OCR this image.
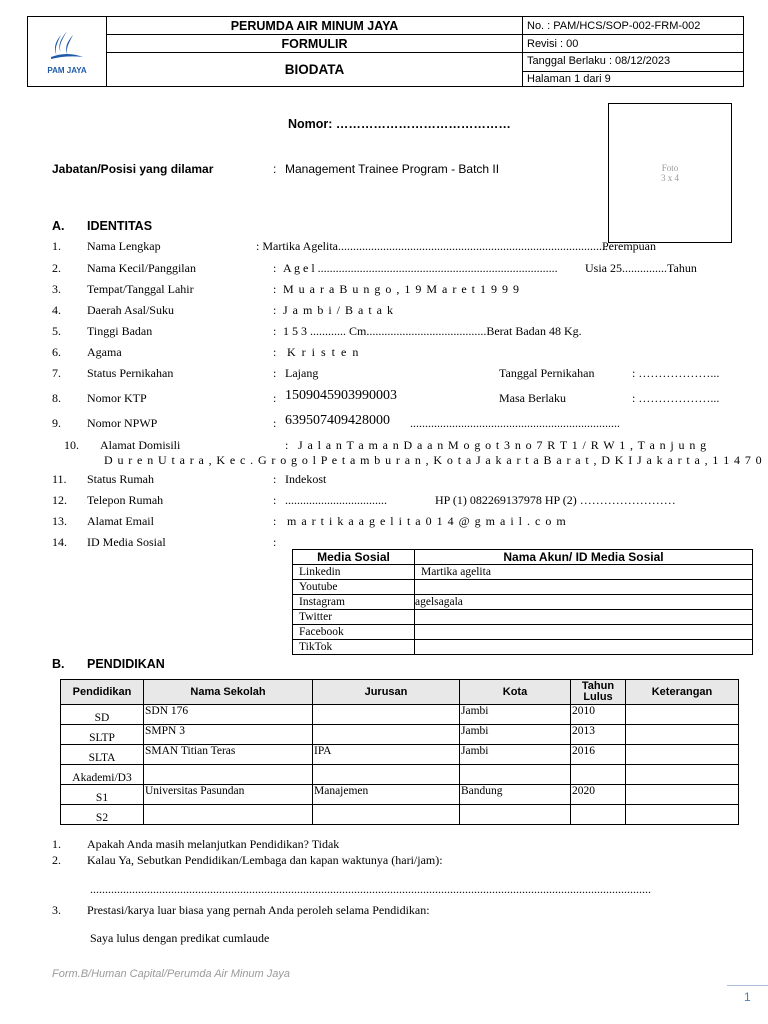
PAM JAYA	PERUMDA AIR MINUM JAYA	No. : PAM/HCS/SOP-002-FRM-002
	FORMULIR	Revisi : 00
	BIODATA	Tanggal Berlaku : 08/12/2023
Halaman 1 dari 9
Nomor: ……………………………………
Foto
3 x 4
Jabatan/Posisi yang dilamar	: Management Trainee Program - Batch II
A. IDENTITAS
1. Nama Lengkap	: Martika Agelita..........................................................................................
Perempuan
2. Nama Kecil/Panggilan	: A g e l ................................................................................ Usia 25...............Tahun
3. Tempat/Tanggal Lahir	: M u a r a B u n g o , 1 9 M a r e t 1 9 9 9
4. Daerah Asal/Suku	: J a m b i / B a t a k
5. Tinggi Badan	: 1 5 3 ............ Cm........................................Berat Badan 48 Kg.
6. Agama	: K r i s t e n
7. Status Pernikahan	: Lajang	Tanggal Pernikahan	: ………………...
8. Nomor KTP	: 1509045903990003	Masa Berlaku	: ………………...
9. Nomor NPWP	: 639507409428000 ......................................................................
10. Alamat Domisili	: J a l a n T a m a n D a a n M o g o t 3 n o 7 R T 1 / R W 1 , T a n j u n g
D u r e n U t a r a , K e c . G r o g o l P e t a m b u r a n , K o t a J a k a r t a B a r a t , D K I J a k a r t a , 1 1 4 7 0
11. Status Rumah	: Indekost
12. Telepon Rumah	: ..................................	HP (1) 082269137978 HP (2) ……………………
13. Alamat Email	: m a r t i k a a g e l i t a 0 1 4 @ g m a i l . c o m
14. ID Media Sosial	:
Media Sosial	Nama Akun/ ID Media Sosial
Linkedin	Martika agelita
Youtube	
Instagram	agelsagala
Twitter	
Facebook	
TikTok	
B. PENDIDIKAN
Pendidikan	Nama Sekolah	Jurusan	Kota	Tahun Lulus	Keterangan
SD	SDN 176		Jambi	2010	
SLTP	SMPN 3		Jambi	2013	
SLTA	SMAN Titian Teras	IPA	Jambi	2016	
Akademi/D3					
S1	Universitas Pasundan	Manajemen	Bandung	2020	
S2					
1. Apakah Anda masih melanjutkan Pendidikan? Tidak
2. Kalau Ya, Sebutkan Pendidikan/Lembaga dan kapan waktunya (hari/jam):
...........................................................................................................................................................................................
3. Prestasi/karya luar biasa yang pernah Anda peroleh selama Pendidikan:
Saya lulus dengan predikat cumlaude
Form.B/Human Capital/Perumda Air Minum Jaya
1
